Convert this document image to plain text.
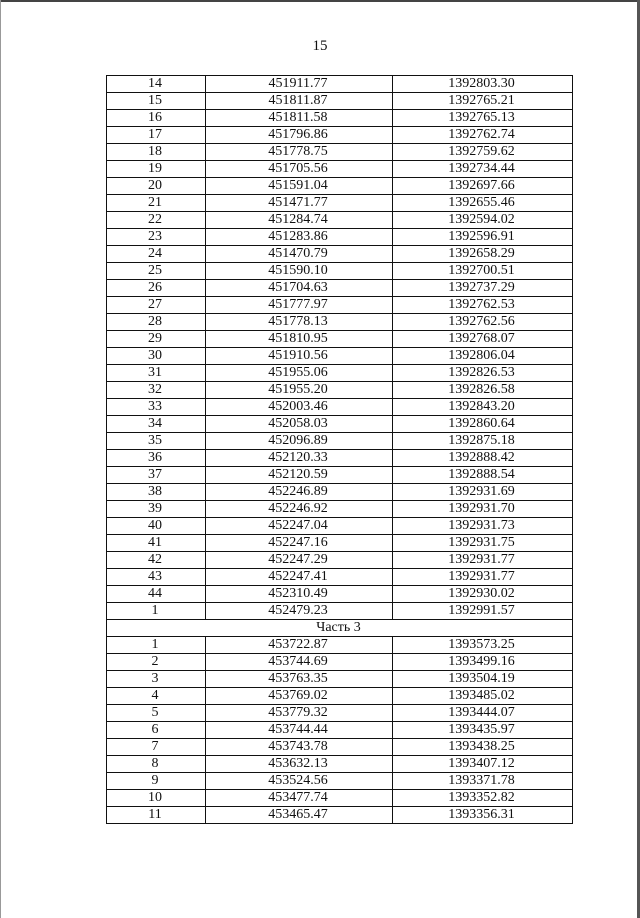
15
14	451911.77	1392803.30
15	451811.87	1392765.21
16	451811.58	1392765.13
17	451796.86	1392762.74
18	451778.75	1392759.62
19	451705.56	1392734.44
20	451591.04	1392697.66
21	451471.77	1392655.46
22	451284.74	1392594.02
23	451283.86	1392596.91
24	451470.79	1392658.29
25	451590.10	1392700.51
26	451704.63	1392737.29
27	451777.97	1392762.53
28	451778.13	1392762.56
29	451810.95	1392768.07
30	451910.56	1392806.04
31	451955.06	1392826.53
32	451955.20	1392826.58
33	452003.46	1392843.20
34	452058.03	1392860.64
35	452096.89	1392875.18
36	452120.33	1392888.42
37	452120.59	1392888.54
38	452246.89	1392931.69
39	452246.92	1392931.70
40	452247.04	1392931.73
41	452247.16	1392931.75
42	452247.29	1392931.77
43	452247.41	1392931.77
44	452310.49	1392930.02
1	452479.23	1392991.57
Часть 3		
1	453722.87	1393573.25
2	453744.69	1393499.16
3	453763.35	1393504.19
4	453769.02	1393485.02
5	453779.32	1393444.07
6	453744.44	1393435.97
7	453743.78	1393438.25
8	453632.13	1393407.12
9	453524.56	1393371.78
10	453477.74	1393352.82
11	453465.47	1393356.31
